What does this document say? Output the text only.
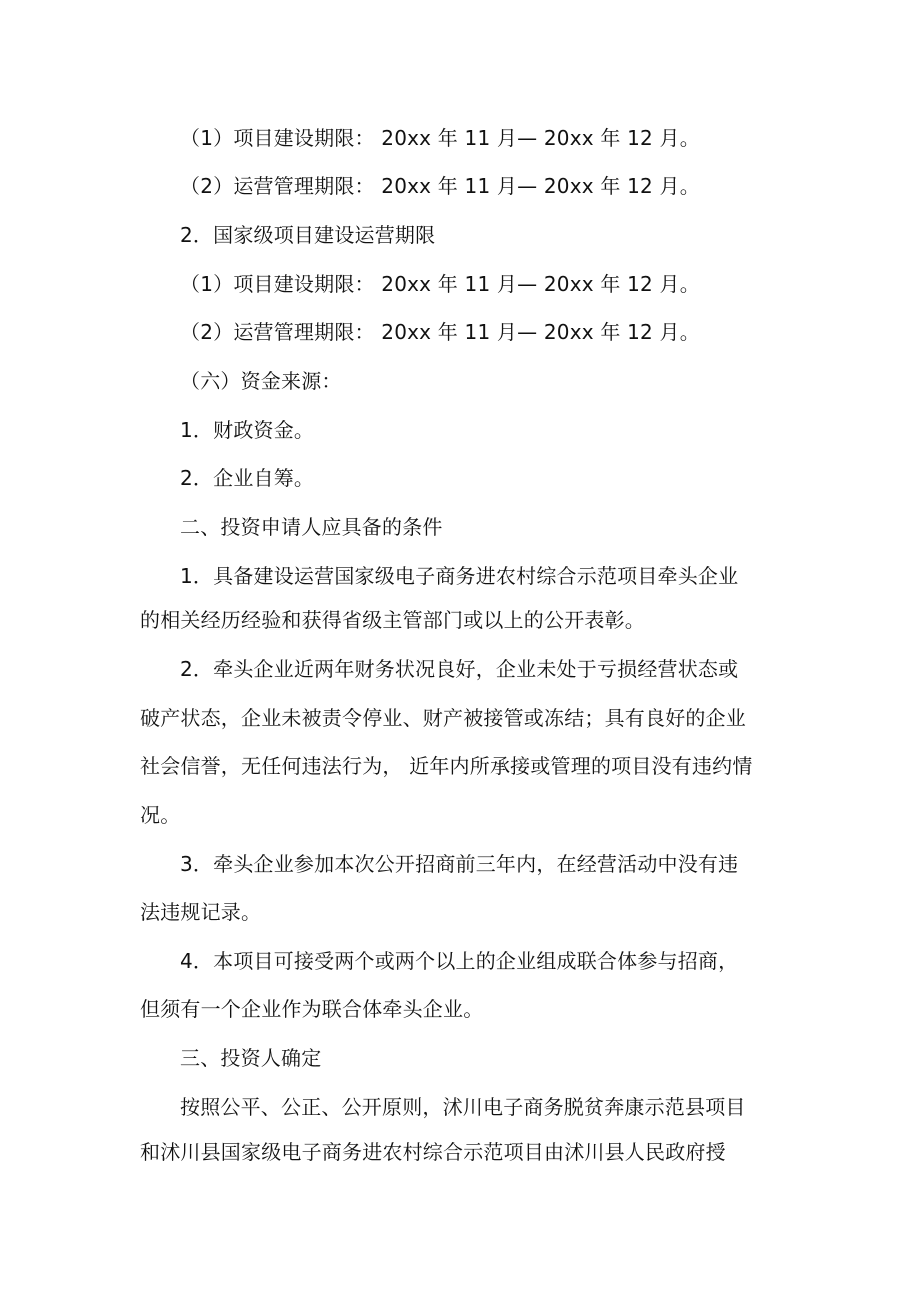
（1）项目建设期限： 20xx 年 11 月— 20xx 年 12 月。
（2）运营管理期限： 20xx 年 11 月— 20xx 年 12 月。
2．国家级项目建设运营期限
（1）项目建设期限： 20xx 年 11 月— 20xx 年 12 月。
（2）运营管理期限： 20xx 年 11 月— 20xx 年 12 月。
（六）资金来源：
1．财政资金。
2．企业自筹。
二、投资申请人应具备的条件
1．具备建设运营国家级电子商务进农村综合示范项目牵头企业
的相关经历经验和获得省级主管部门或以上的公开表彰。
2．牵头企业近两年财务状况良好，企业未处于亏损经营状态或
破产状态，企业未被责令停业、财产被接管或冻结；具有良好的企业
社会信誉，无任何违法行为， 近年内所承接或管理的项目没有违约情
况。
3．牵头企业参加本次公开招商前三年内，在经营活动中没有违
法违规记录。
4．本项目可接受两个或两个以上的企业组成联合体参与招商，
但须有一个企业作为联合体牵头企业。
三、投资人确定
按照公平、公正、公开原则，沭川电子商务脱贫奔康示范县项目
和沭川县国家级电子商务进农村综合示范项目由沭川县人民政府授
